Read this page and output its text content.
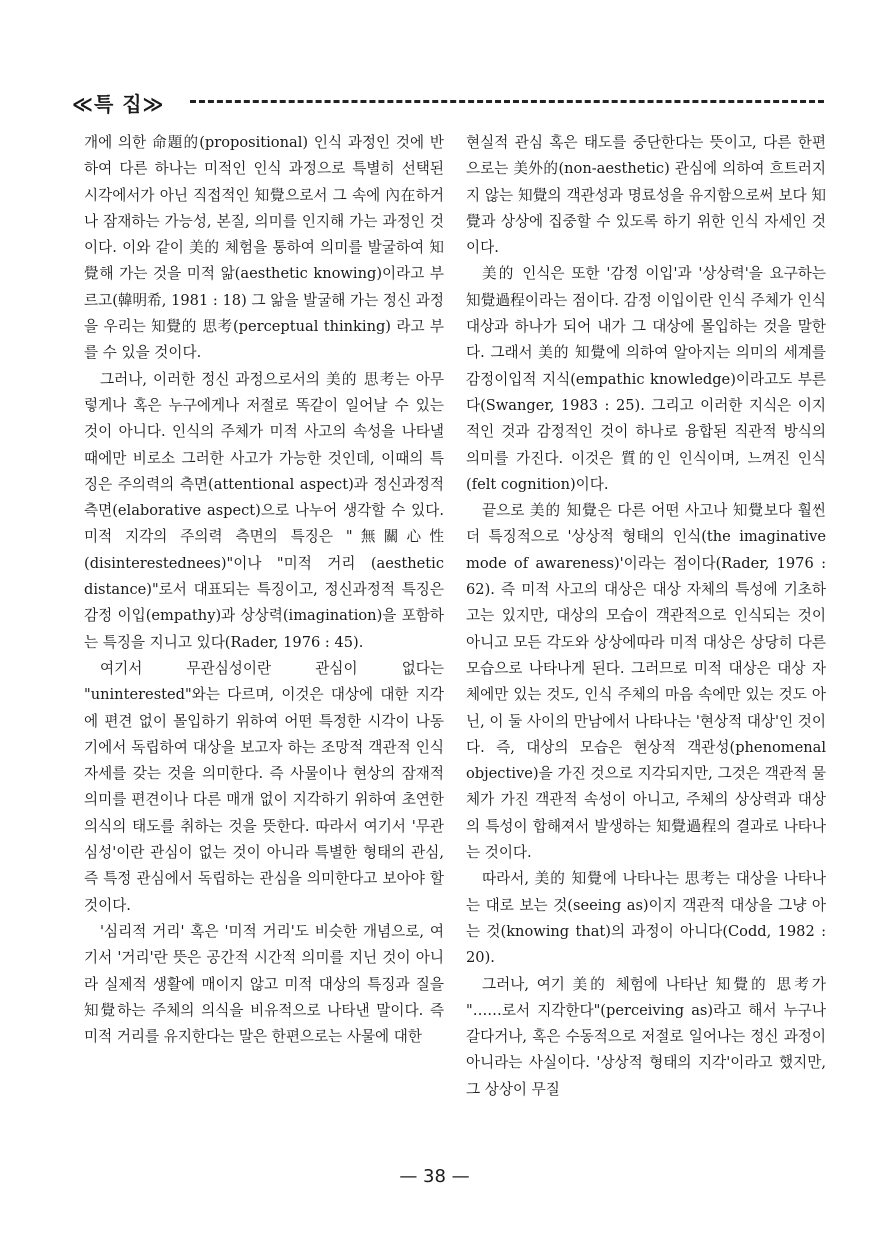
≪특 집≫

개에 의한 命題的(propositional) 인식 과정인 것에 반하여 다른 하나는 미적인 인식 과정으로 특별히 선택된 시각에서가 아닌 직접적인 知覺으로서 그 속에 內在하거나 잠재하는 가능성, 본질, 의미를 인지해 가는 과정인 것이다. 이와 같이 美的 체험을 통하여 의미를 발굴하여 知覺해 가는 것을 미적 앎(aesthetic knowing)이라고 부르고(韓明希, 1981 : 18) 그 앎을 발굴해 가는 정신 과정을 우리는 知覺的 思考(perceptual thinking) 라고 부를 수 있을 것이다.

그러나, 이러한 정신 과정으로서의 美的 思考는 아무렇게나 혹은 누구에게나 저절로 똑같이 일어날 수 있는 것이 아니다. 인식의 주체가 미적 사고의 속성을 나타낼 때에만 비로소 그러한 사고가 가능한 것인데, 이때의 특징은 주의력의 측면(attentional aspect)과 정신과정적 측면(elaborative aspect)으로 나누어 생각할 수 있다. 미적 지각의 주의력 측면의 특징은 "無關心性(disinterestednees)"이나 "미적 거리 (aesthetic distance)"로서 대표되는 특징이고, 정신과정적 특징은 감정 이입(empathy)과 상상력(imagination)을 포함하는 특징을 지니고 있다(Rader, 1976 : 45).

여기서 무관심성이란 관심이 없다는 "uninterested"와는 다르며, 이것은 대상에 대한 지각에 편견 없이 몰입하기 위하여 어떤 특정한 시각이 나동기에서 독립하여 대상을 보고자 하는 조망적 객관적 인식 자세를 갖는 것을 의미한다. 즉 사물이나 현상의 잠재적 의미를 편견이나 다른 매개 없이 지각하기 위하여 초연한 의식의 태도를 취하는 것을 뜻한다. 따라서 여기서 '무관심성'이란 관심이 없는 것이 아니라 특별한 형태의 관심, 즉 특정 관심에서 독립하는 관심을 의미한다고 보아야 할 것이다.

'심리적 거리' 혹은 '미적 거리'도 비슷한 개념으로, 여기서 '거리'란 뜻은 공간적 시간적 의미를 지닌 것이 아니라 실제적 생활에 매이지 않고 미적 대상의 특징과 질을 知覺하는 주체의 의식을 비유적으로 나타낸 말이다. 즉 미적 거리를 유지한다는 말은 한편으로는 사물에 대한

현실적 관심 혹은 태도를 중단한다는 뜻이고, 다른 한편으로는 美外的(non-aesthetic) 관심에 의하여 흐트러지지 않는 知覺의 객관성과 명료성을 유지함으로써 보다 知覺과 상상에 집중할 수 있도록 하기 위한 인식 자세인 것이다.

美的 인식은 또한 '감정 이입'과 '상상력'을 요구하는 知覺過程이라는 점이다. 감정 이입이란 인식 주체가 인식 대상과 하나가 되어 내가 그 대상에 몰입하는 것을 말한다. 그래서 美的 知覺에 의하여 알아지는 의미의 세계를 감정이입적 지식(empathic knowledge)이라고도 부른다(Swanger, 1983 : 25). 그리고 이러한 지식은 이지적인 것과 감정적인 것이 하나로 융합된 직관적 방식의 의미를 가진다. 이것은 質的인 인식이며, 느껴진 인식(felt cognition)이다.

끝으로 美的 知覺은 다른 어떤 사고나 知覺보다 훨씬 더 특징적으로 '상상적 형태의 인식(the imaginative mode of awareness)'이라는 점이다(Rader, 1976 : 62). 즉 미적 사고의 대상은 대상 자체의 특성에 기초하고는 있지만, 대상의 모습이 객관적으로 인식되는 것이 아니고 모든 각도와 상상에따라 미적 대상은 상당히 다른 모습으로 나타나게 된다. 그러므로 미적 대상은 대상 자체에만 있는 것도, 인식 주체의 마음 속에만 있는 것도 아닌, 이 둘 사이의 만남에서 나타나는 '현상적 대상'인 것이다. 즉, 대상의 모습은 현상적 객관성(phenomenal objective)을 가진 것으로 지각되지만, 그것은 객관적 물체가 가진 객관적 속성이 아니고, 주체의 상상력과 대상의 특성이 합해져서 발생하는 知覺過程의 결과로 나타나는 것이다.

따라서, 美的 知覺에 나타나는 思考는 대상을 나타나는 대로 보는 것(seeing as)이지 객관적 대상을 그냥 아는 것(knowing that)의 과정이 아니다(Codd, 1982 : 20).

그러나, 여기 美的 체험에 나타난 知覺的 思考가 "……로서 지각한다"(perceiving as)라고 해서 누구나 갈다거나, 혹은 수동적으로 저절로 일어나는 정신 과정이 아니라는 사실이다. '상상적 형태의 지각'이라고 했지만, 그 상상이 무질

— 38 —
